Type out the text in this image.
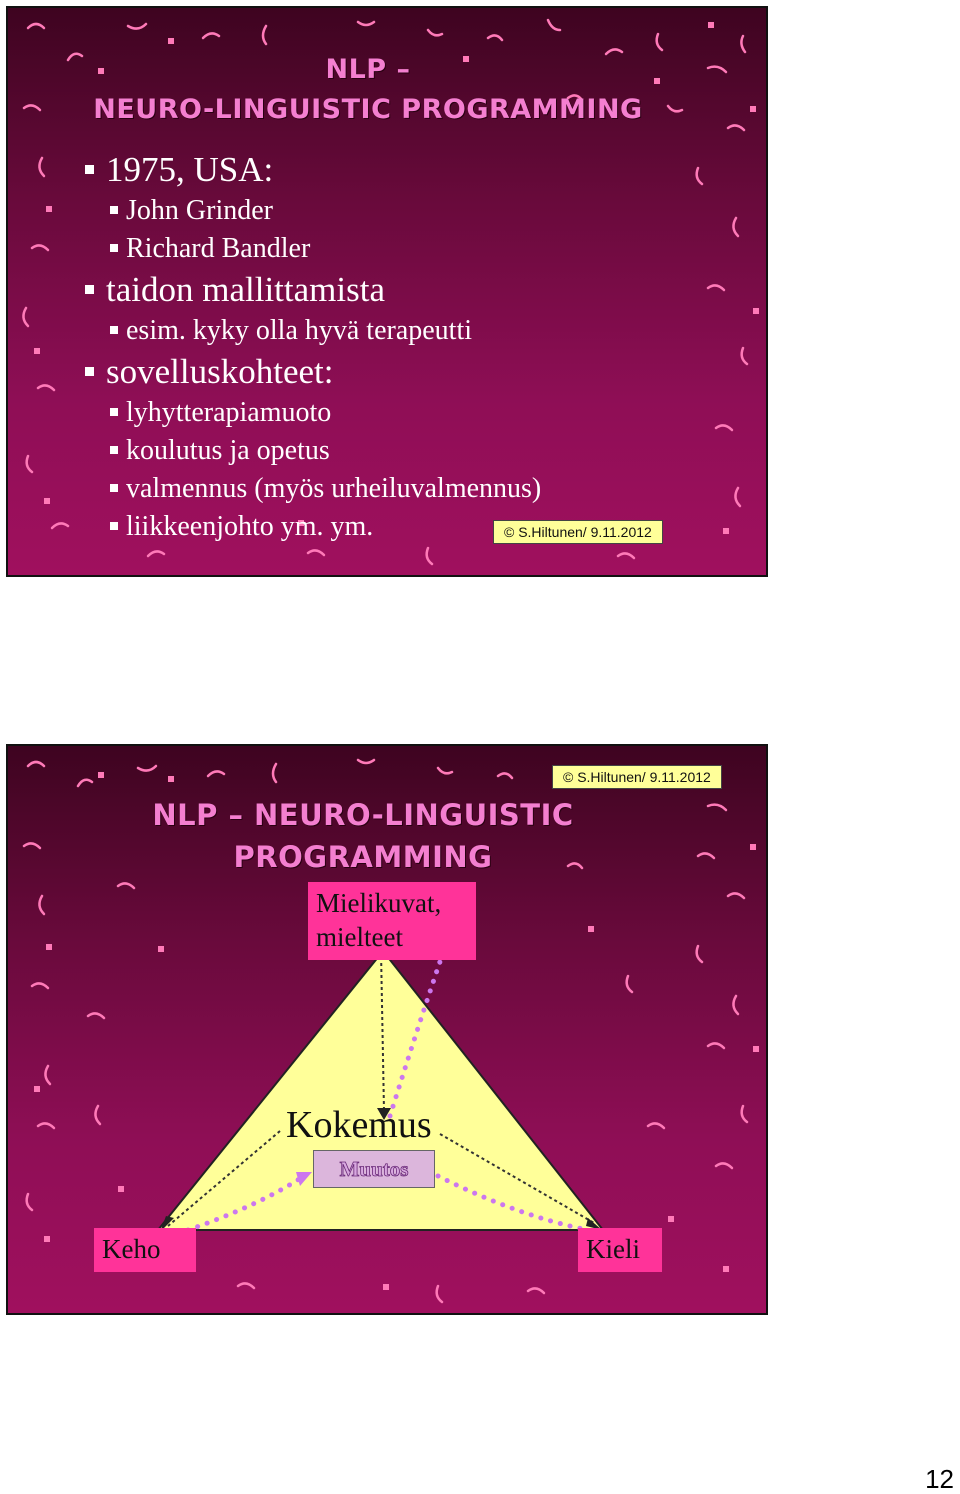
NLP –
NEURO-LINGUISTIC PROGRAMMING
1975, USA:
John Grinder
Richard Bandler
taidon mallittamista
esim. kyky olla hyvä terapeutti
sovelluskohteet:
lyhytterapiamuoto
koulutus ja opetus
valmennus (myös urheiluvalmennus)
liikkeenjohto ym. ym.	© S.Hiltunen/ 9.11.2012
NLP – NEURO-LINGUISTIC
PROGRAMMING
© S.Hiltunen/ 9.11.2012
Mielikuvat,
mielteet
Kokemus
Muutos
Keho	Kieli
12
